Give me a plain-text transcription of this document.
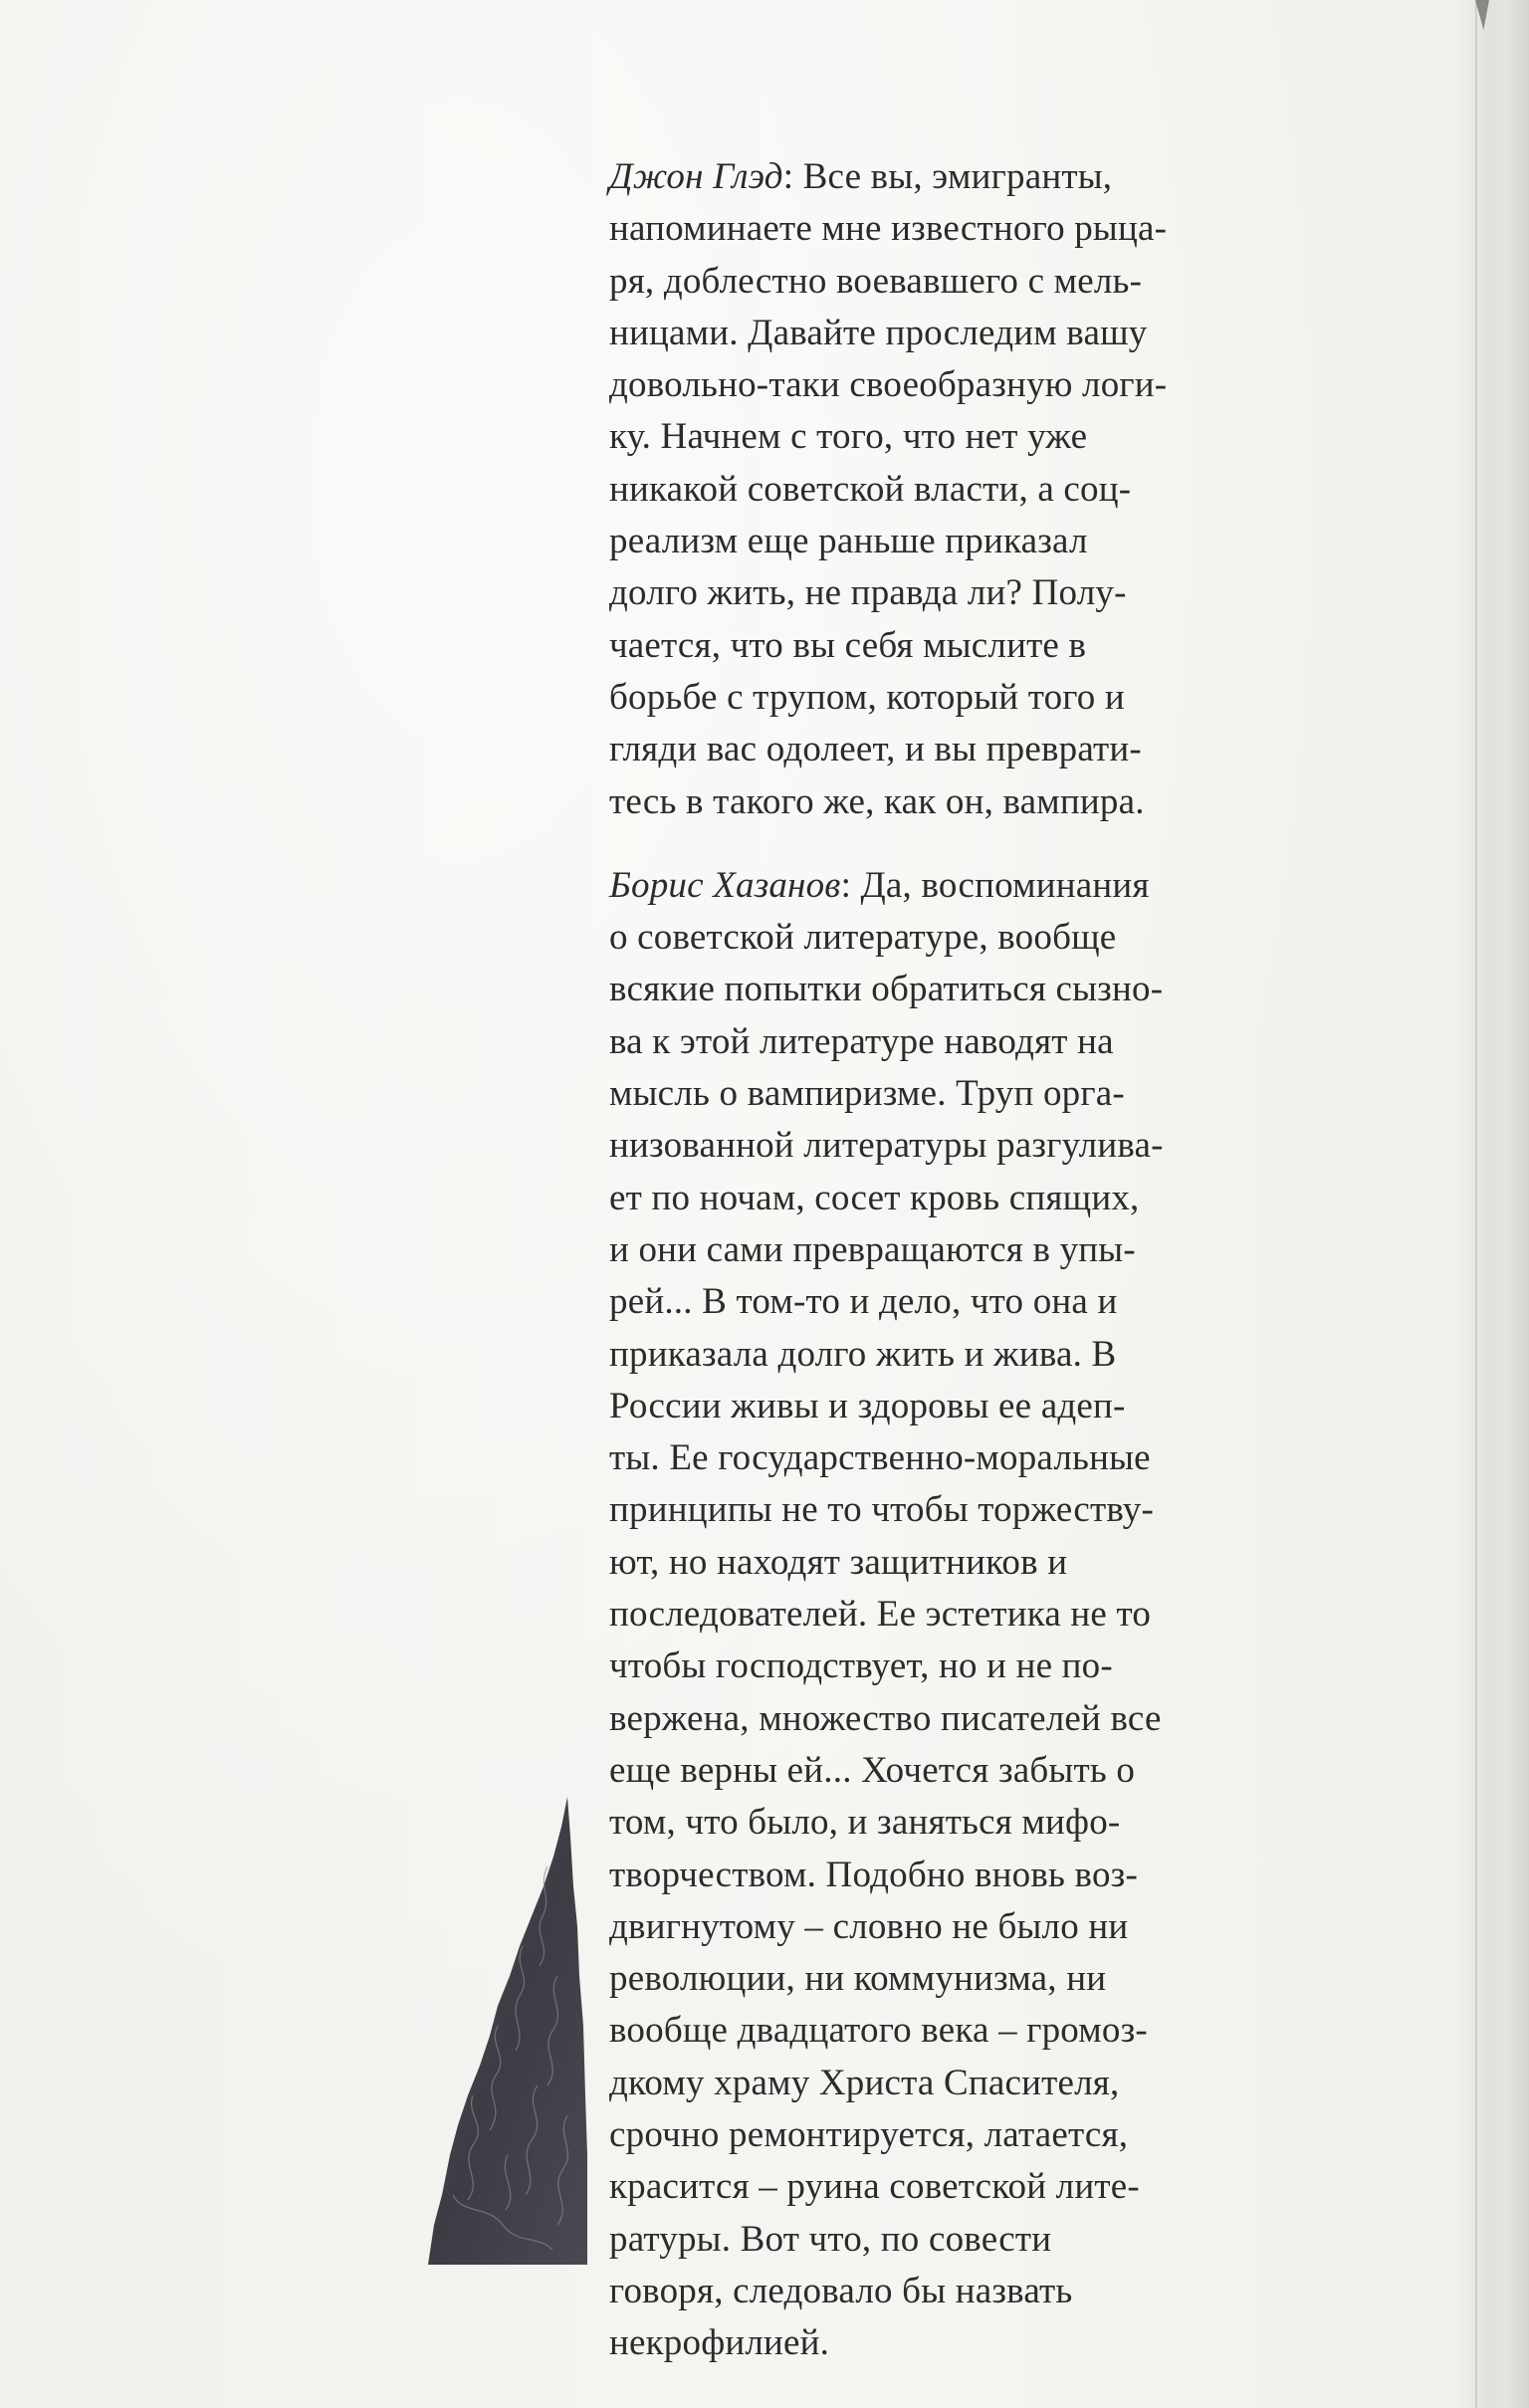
Джон Глэд: Все вы, эмигранты,
напоминаете мне известного рыца-
ря, доблестно воевавшего с мель-
ницами. Давайте проследим вашу
довольно-таки своеобразную логи-
ку. Начнем с того, что нет уже
никакой советской власти, а соц-
реализм еще раньше приказал
долго жить, не правда ли? Полу-
чается, что вы себя мыслите в
борьбе с трупом, который того и
гляди вас одолеет, и вы преврати-
тесь в такого же, как он, вампира.

Борис Хазанов: Да, воспоминания
о советской литературе, вообще
всякие попытки обратиться сызно-
ва к этой литературе наводят на
мысль о вампиризме. Труп орга-
низованной литературы разгулива-
ет по ночам, сосет кровь спящих,
и они сами превращаются в упы-
рей... В том-то и дело, что она и
приказала долго жить и жива. В
России живы и здоровы ее адеп-
ты. Ее государственно-моральные
принципы не то чтобы торжеству-
ют, но находят защитников и
последователей. Ее эстетика не то
чтобы господствует, но и не по-
вержена, множество писателей все
еще верны ей... Хочется забыть о
том, что было, и заняться мифо-
творчеством. Подобно вновь воз-
двигнутому – словно не было ни
революции, ни коммунизма, ни
вообще двадцатого века – громоз-
дкому храму Христа Спасителя,
срочно ремонтируется, латается,
красится – руина советской лите-
ратуры. Вот что, по совести
говоря, следовало бы назвать
некрофилией.
